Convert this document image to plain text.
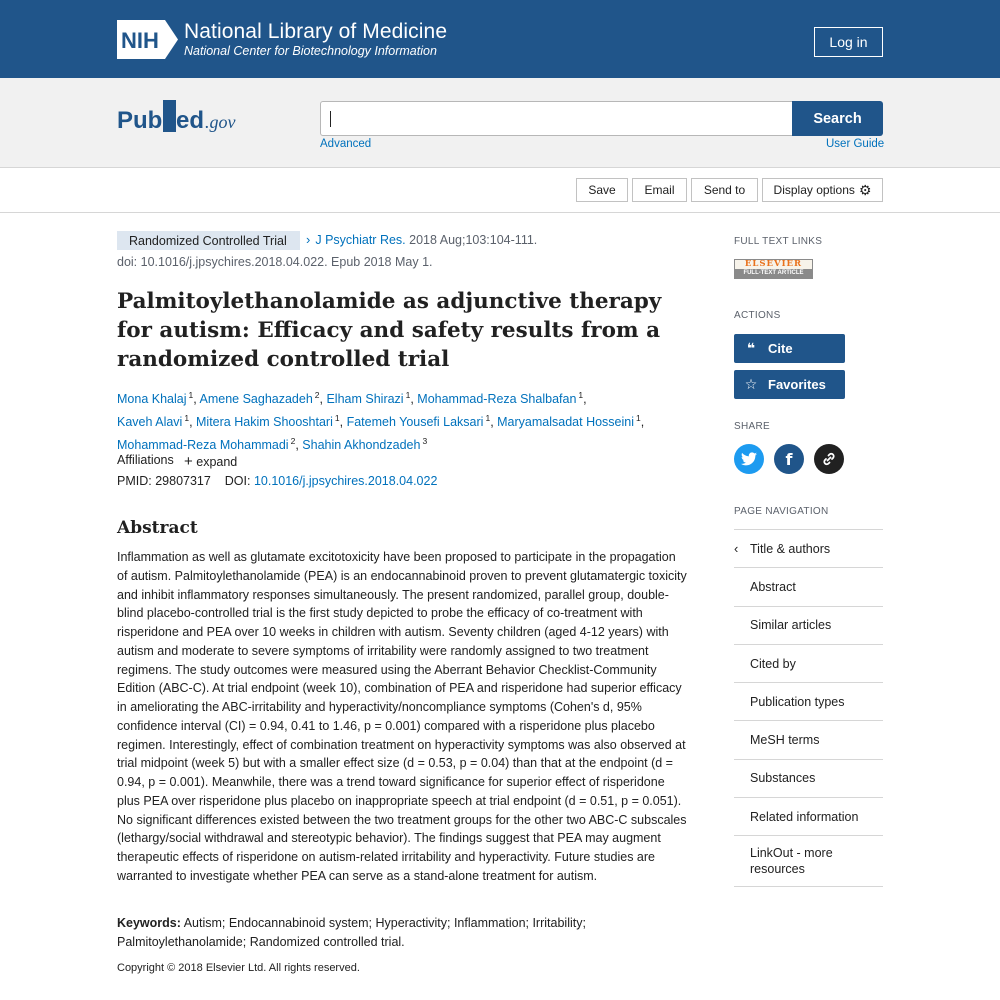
NIH National Library of Medicine
National Center for Biotechnology Information
Log in
Pub ed .gov	Search
Advanced	User Guide
Save	Email	Send to	Display options ⚙
Randomized Controlled Trial	› J Psychiatr Res. 2018 Aug;103:104-111.
doi: 10.1016/j.jpsychires.2018.04.022. Epub 2018 May 1.
Palmitoylethanolamide as adjunctive therapy for autism: Efficacy and safety results from a randomized controlled trial
Mona Khalaj $^1$, Amene Saghazadeh $^2$, Elham Shirazi $^1$, Mohammad-Reza Shalbafan $^1$,
Kaveh Alavi $^1$, Mitera Hakim Shooshtari $^1$, Fatemeh Yousefi Laksari $^1$, Maryamalsadat Hosseini $^1$,
Mohammad-Reza Mohammadi $^2$, Shahin Akhondzadeh $^3$
Affiliations + expand
PMID: 29807317 DOI: 10.1016/j.jpsychires.2018.04.022
Abstract

Inflammation as well as glutamate excitotoxicity have been proposed to participate in the propagation of autism. Palmitoylethanolamide (PEA) is an endocannabinoid proven to prevent glutamatergic toxicity and inhibit inflammatory responses simultaneously. The present randomized, parallel group, double-blind placebo-controlled trial is the first study depicted to probe the efficacy of co-treatment with risperidone and PEA over 10 weeks in children with autism. Seventy children (aged 4-12 years) with autism and moderate to severe symptoms of irritability were randomly assigned to two treatment regimens. The study outcomes were measured using the Aberrant Behavior Checklist-Community Edition (ABC-C). At trial endpoint (week 10), combination of PEA and risperidone had superior efficacy in ameliorating the ABC-irritability and hyperactivity/noncompliance symptoms (Cohen's d, 95% confidence interval (CI) = 0.94, 0.41 to 1.46, p = 0.001) compared with a risperidone plus placebo regimen. Interestingly, effect of combination treatment on hyperactivity symptoms was also observed at trial midpoint (week 5) but with a smaller effect size (d = 0.53, p = 0.04) than that at the endpoint (d = 0.94, p = 0.001). Meanwhile, there was a trend toward significance for superior effect of risperidone plus PEA over risperidone plus placebo on inappropriate speech at trial endpoint (d = 0.51, p = 0.051). No significant differences existed between the two treatment groups for the other two ABC-C subscales (lethargy/social withdrawal and stereotypic behavior). The findings suggest that PEA may augment therapeutic effects of risperidone on autism-related irritability and hyperactivity. Future studies are warranted to investigate whether PEA can serve as a stand-alone treatment for autism.

Keywords: Autism; Endocannabinoid system; Hyperactivity; Inflammation; Irritability; Palmitoylethanolamide; Randomized controlled trial.

Copyright © 2018 Elsevier Ltd. All rights reserved.
FULL TEXT LINKS
ELSEVIER
FULL-TEXT ARTICLE
ACTIONS
❝ Cite
☆ Favorites
SHARE
f
PAGE NAVIGATION
‹ Title & authors
Abstract
Similar articles
Cited by
Publication types
MeSH terms
Substances
Related information
LinkOut - more resources
